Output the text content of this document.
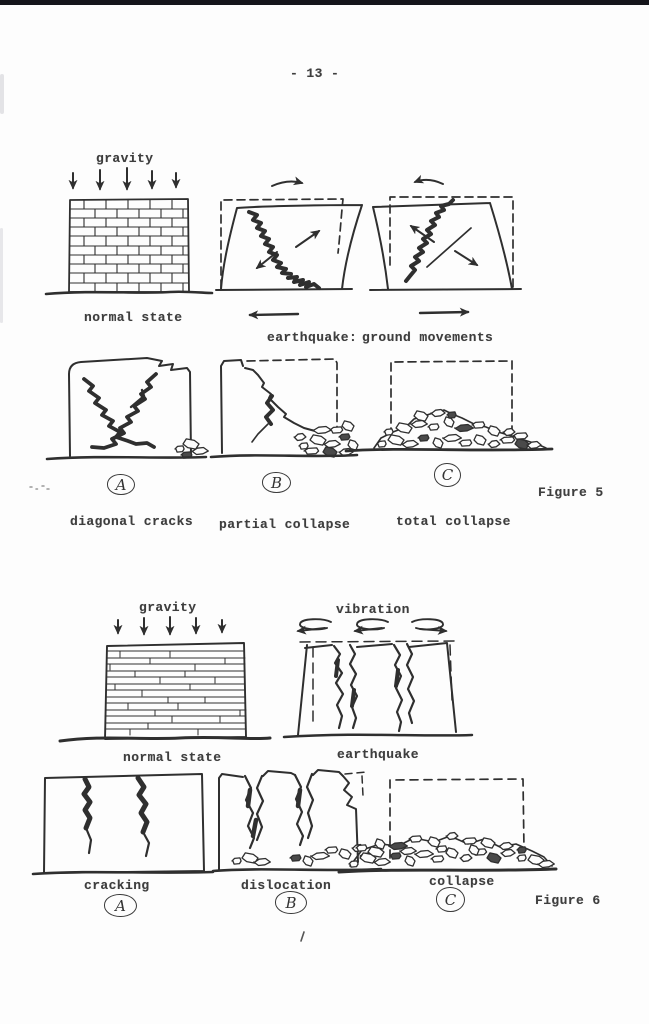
- 13 -
gravity
normal state
earthquake: ground movements
A	B	C
diagonal cracks partial collapse	total collapse
Figure 5
gravity	vibration
normal state	earthquake
cracking	dislocation	collapse
A	B	C	Figure 6
